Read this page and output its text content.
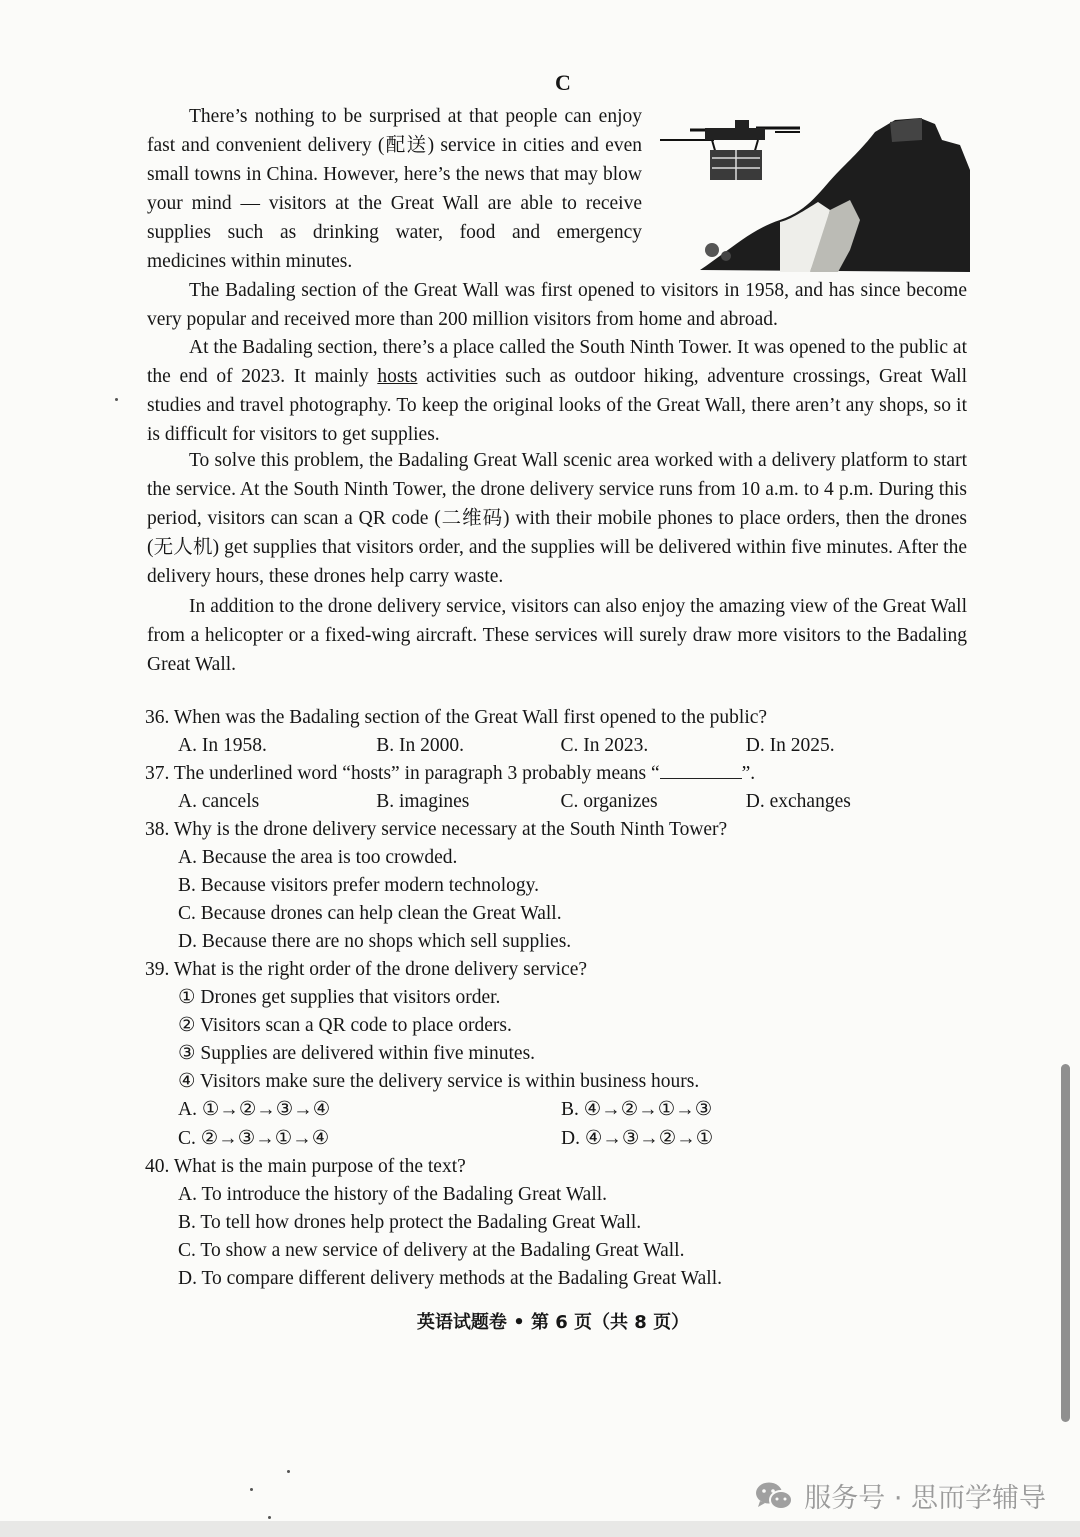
C

There’s nothing to be surprised at that people can enjoy fast and convenient delivery (配送) service in cities and even small towns in China. However, here’s the news that may blow your mind — visitors at the Great Wall are able to receive supplies such as drinking water, food and emergency medicines within minutes.

The Badaling section of the Great Wall was first opened to visitors in 1958, and has since become very popular and received more than 200 million visitors from home and abroad.

At the Badaling section, there’s a place called the South Ninth Tower. It was opened to the public at the end of 2023. It mainly hosts activities such as outdoor hiking, adventure crossings, Great Wall studies and travel photography. To keep the original looks of the Great Wall, there aren’t any shops, so it is difficult for visitors to get supplies.

To solve this problem, the Badaling Great Wall scenic area worked with a delivery platform to start the service. At the South Ninth Tower, the drone delivery service runs from 10 a.m. to 4 p.m. During this period, visitors can scan a QR code (二维码) with their mobile phones to place orders, then the drones (无人机) get supplies that visitors order, and the supplies will be delivered within five minutes. After the delivery hours, these drones help carry waste.

In addition to the drone delivery service, visitors can also enjoy the amazing view of the Great Wall from a helicopter or a fixed-wing aircraft. These services will surely draw more visitors to the Badaling Great Wall.

36. When was the Badaling section of the Great Wall first opened to the public?
A. In 1958.	B. In 2000.	C. In 2023.	D. In 2025.
37. The underlined word “hosts” in paragraph 3 probably means “	”.
A. cancels	B. imagines	C. organizes	D. exchanges
38. Why is the drone delivery service necessary at the South Ninth Tower?
A. Because the area is too crowded.
B. Because visitors prefer modern technology.
C. Because drones can help clean the Great Wall.
D. Because there are no shops which sell supplies.
39. What is the right order of the drone delivery service?
① Drones get supplies that visitors order.
② Visitors scan a QR code to place orders.
③ Supplies are delivered within five minutes.
④ Visitors make sure the delivery service is within business hours.
A. ①→②→③→④	B. ④→②→①→③
C. ②→③→①→④	D. ④→③→②→①
40. What is the main purpose of the text?
A. To introduce the history of the Badaling Great Wall.
B. To tell how drones help protect the Badaling Great Wall.
C. To show a new service of delivery at the Badaling Great Wall.
D. To compare different delivery methods at the Badaling Great Wall.
英语试题卷 • 第 6 页（共 8 页）
服务号 · 思而学辅导
